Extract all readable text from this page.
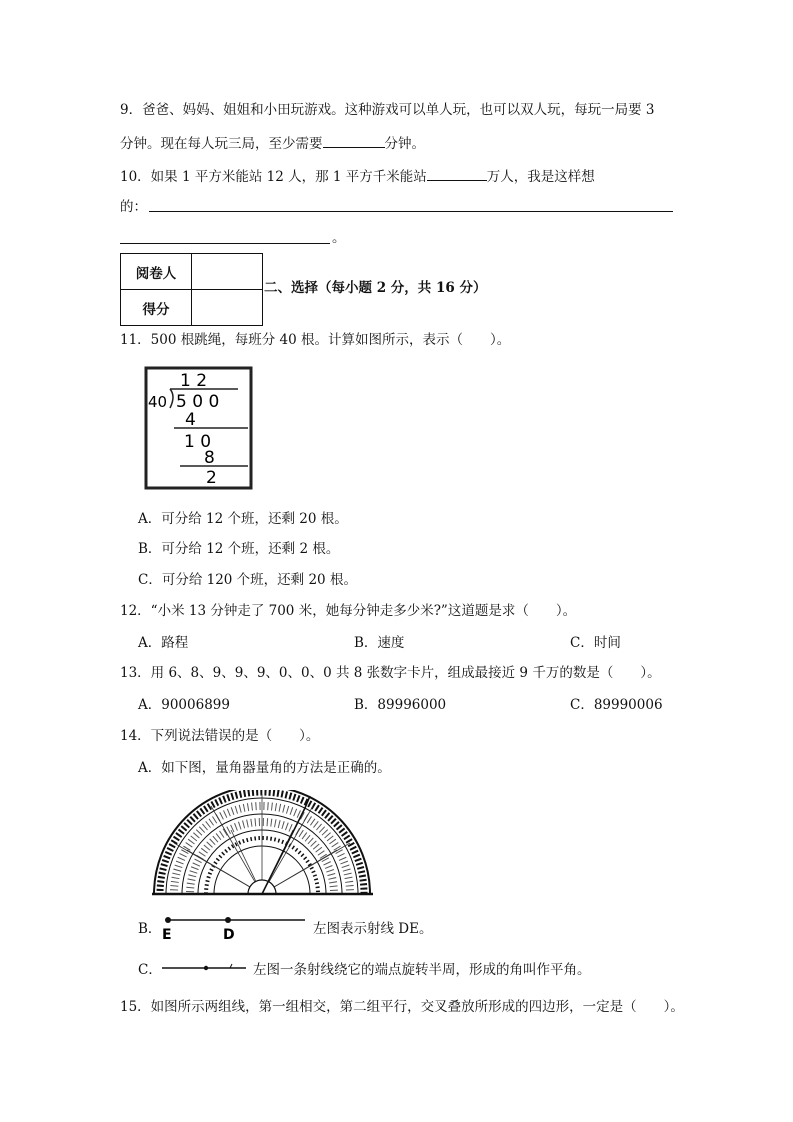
9．爸爸、妈妈、姐姐和小田玩游戏。这种游戏可以单人玩，也可以双人玩，每玩一局要 3
分钟。现在每人玩三局，至少需要	分钟。
10．如果 1 平方米能站 12 人，那 1 平方千米能站	万人，我是这样想
的：
。
阅卷人	
得分	
二、选择（每小题 2 分，共 16 分）
11．500 根跳绳，每班分 40 根。计算如图所示，表示（　　）。
1 2
40 5 0 0
4
1 0
8
2
A．可分给 12 个班，还剩 20 根。
B．可分给 12 个班，还剩 2 根。
C．可分给 120 个班，还剩 20 根。
12．“小米 13 分钟走了 700 米，她每分钟走多少米?”这道题是求（　　）。
A．路程	B．速度	C．时间
13．用 6、8、9、9、9、0、0、0 共 8 张数字卡片，组成最接近 9 千万的数是（　　）。
A．90006899	B．89996000	C．89990006
14．下列说法错误的是（　　）。
A．如下图，量角器量角的方法是正确的。
B． E	D	左图表示射线 DE。
C．	左图一条射线绕它的端点旋转半周，形成的角叫作平角。
15．如图所示两组线，第一组相交，第二组平行，交叉叠放所形成的四边形，一定是（　　）。
